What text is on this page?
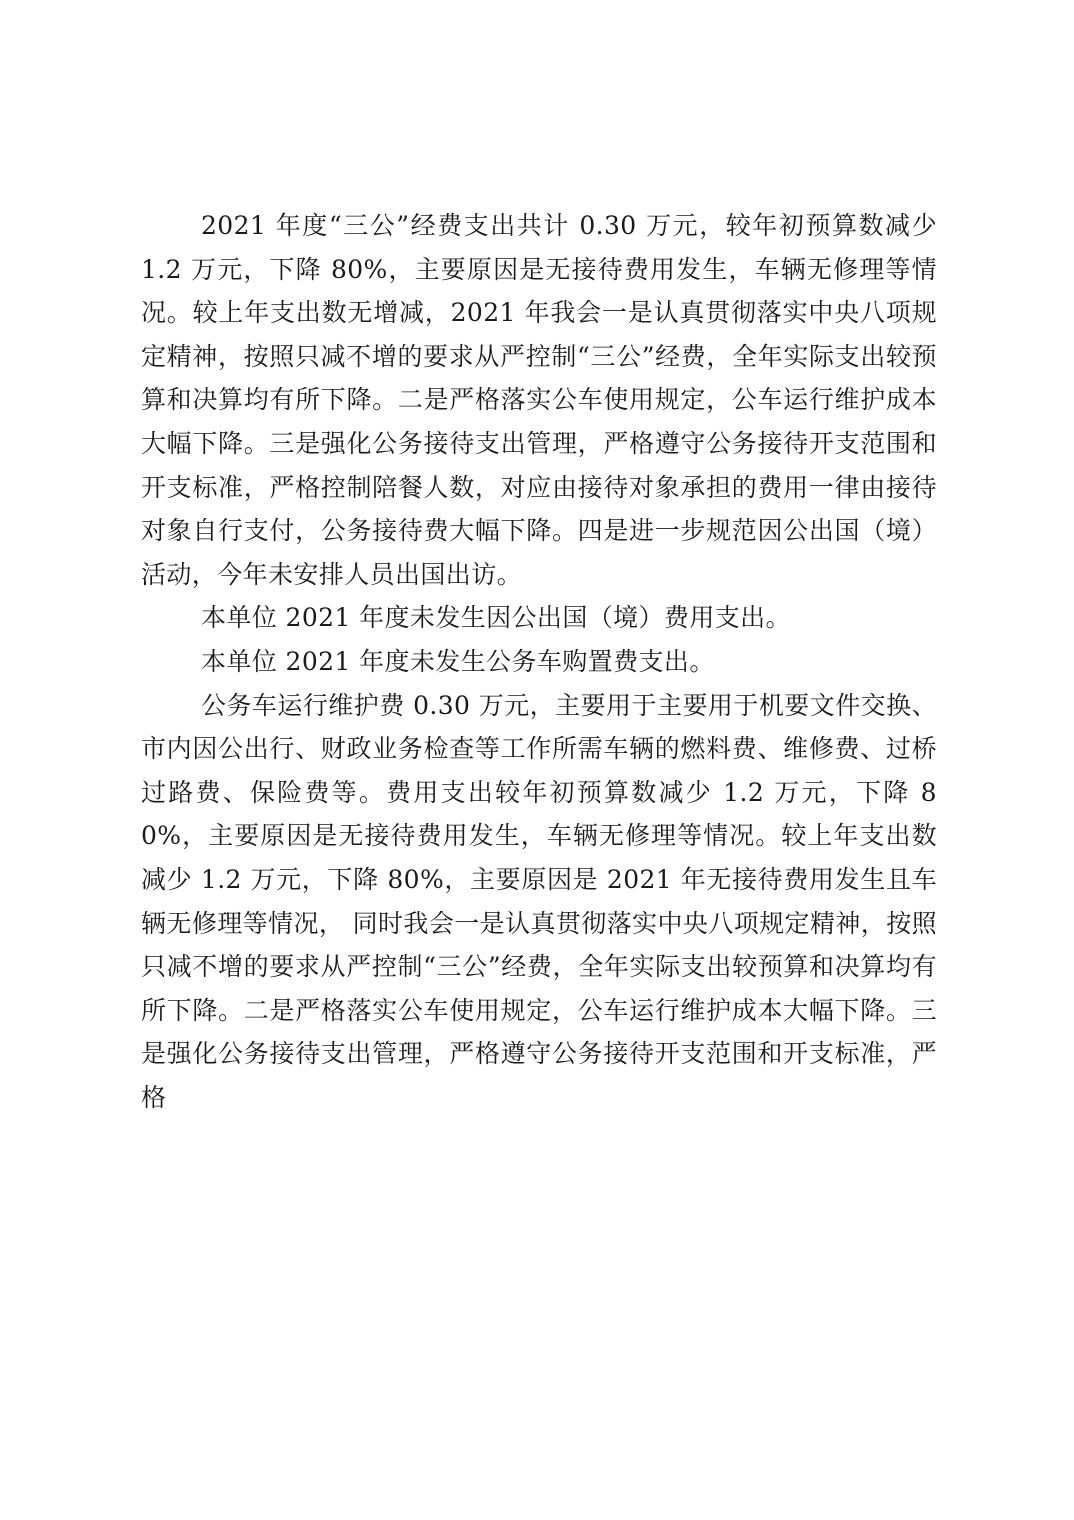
2021 年度“三公”经费支出共计 0.30 万元，较年初预算数减少 1.2 万元，下降 80%，主要原因是无接待费用发生，车辆无修理等情况。较上年支出数无增减，2021 年我会一是认真贯彻落实中央八项规定精神，按照只减不增的要求从严控制“三公”经费，全年实际支出较预算和决算均有所下降。二是严格落实公车使用规定，公车运行维护成本大幅下降。三是强化公务接待支出管理，严格遵守公务接待开支范围和开支标准，严格控制陪餐人数，对应由接待对象承担的费用一律由接待对象自行支付，公务接待费大幅下降。四是进一步规范因公出国（境）活动，今年未安排人员出国出访。

本单位 2021 年度未发生因公出国（境）费用支出。

本单位 2021 年度未发生公务车购置费支出。

公务车运行维护费 0.30 万元，主要用于主要用于机要文件交换、市内因公出行、财政业务检查等工作所需车辆的燃料费、维修费、过桥过路费、保险费等。费用支出较年初预算数减少 1.2 万元，下降 80%，主要原因是无接待费用发生，车辆无修理等情况。较上年支出数减少 1.2 万元，下降 80%，主要原因是 2021 年无接待费用发生且车辆无修理等情况， 同时我会一是认真贯彻落实中央八项规定精神，按照只减不增的要求从严控制“三公”经费，全年实际支出较预算和决算均有所下降。二是严格落实公车使用规定，公车运行维护成本大幅下降。三是强化公务接待支出管理，严格遵守公务接待开支范围和开支标准，严格
